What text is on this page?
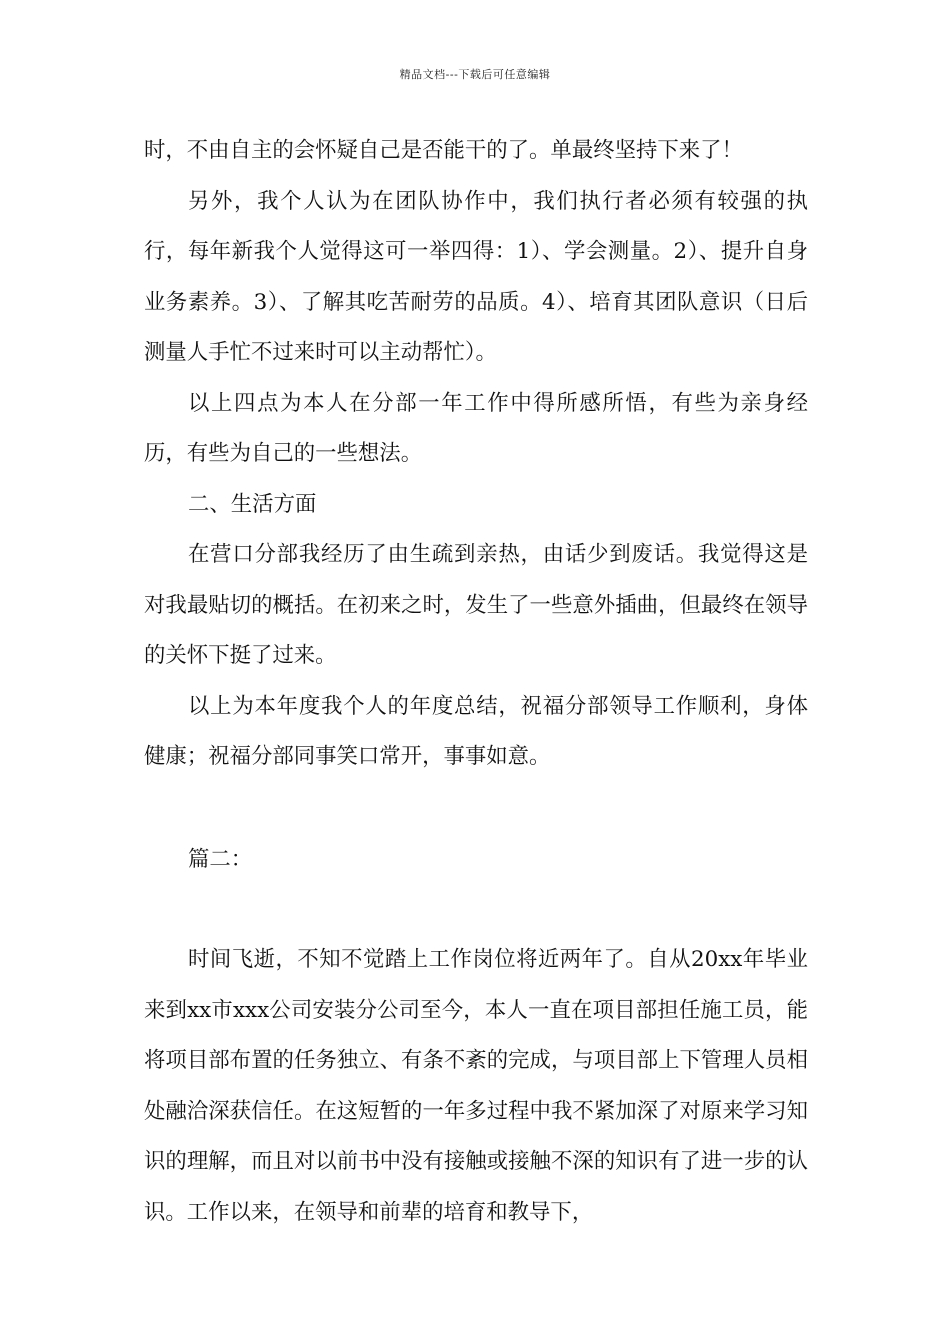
精品文档---下载后可任意编辑

时，不由自主的会怀疑自己是否能干的了。单最终坚持下来了！

另外，我个人认为在团队协作中，我们执行者必须有较强的执行，每年新我个人觉得这可一举四得：1）、学会测量。2）、提升自身业务素养。3）、了解其吃苦耐劳的品质。4）、培育其团队意识（日后测量人手忙不过来时可以主动帮忙）。

以上四点为本人在分部一年工作中得所感所悟，有些为亲身经历，有些为自己的一些想法。

二、生活方面

在营口分部我经历了由生疏到亲热，由话少到废话。我觉得这是对我最贴切的概括。在初来之时，发生了一些意外插曲，但最终在领导的关怀下挺了过来。

以上为本年度我个人的年度总结，祝福分部领导工作顺利，身体健康；祝福分部同事笑口常开，事事如意。

篇二：

时间飞逝，不知不觉踏上工作岗位将近两年了。自从20xx年毕业来到xx市xxx公司安装分公司至今，本人一直在项目部担任施工员，能将项目部布置的任务独立、有条不紊的完成，与项目部上下管理人员相处融洽深获信任。在这短暂的一年多过程中我不紧加深了对原来学习知识的理解，而且对以前书中没有接触或接触不深的知识有了进一步的认识。工作以来，在领导和前辈的培育和教导下，
